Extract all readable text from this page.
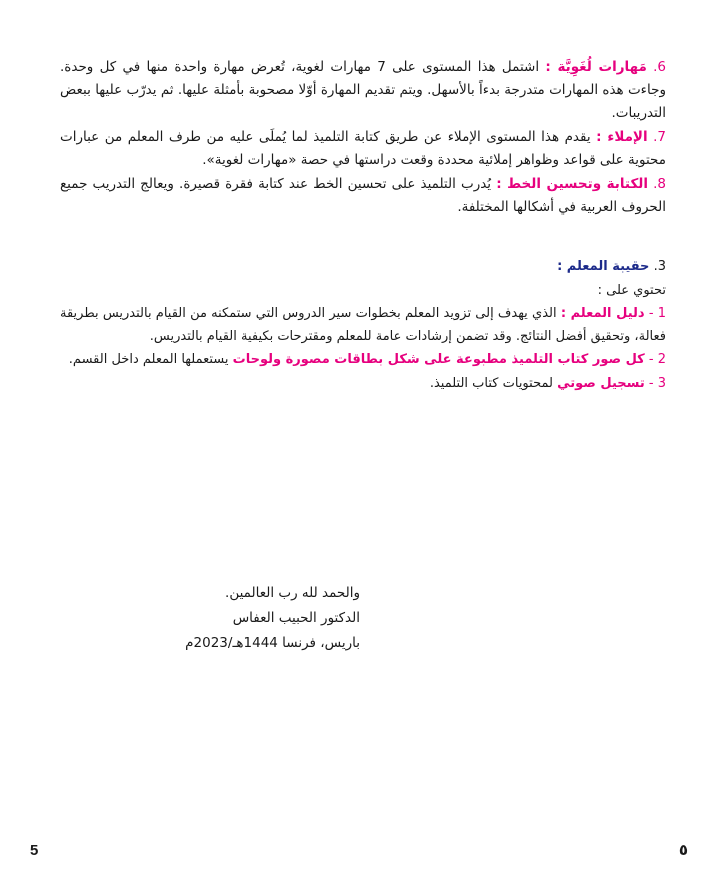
6. مَهارات لُغَوِيَّة : اشتمل هذا المستوى على 7 مهارات لغوية، تُعرض مهارة واحدة منها في كل وحدة. وجاءت هذه المهارات متدرجة بدءاً بالأسهل. ويتم تقديم المهارة أوّلا مصحوبة بأمثلة عليها. ثم يدرّب عليها ببعض التدريبات.

7. الإملاء : يقدم هذا المستوى الإملاء عن طريق كتابة التلميذ لما يُملَى عليه من طرف المعلم من عبارات محتوية على قواعد وظواهر إملائية محددة وقعت دراستها في حصة «مهارات لغوية».

8. الكتابة وتحسين الخط : يُدرب التلميذ على تحسين الخط عند كتابة فقرة قصيرة. ويعالج التدريب جميع الحروف العربية في أشكالها المختلفة.

3. حقيبة المعلم :

تحتوي على :

1 - دليل المعلم : الذي يهدف إلى تزويد المعلم بخطوات سير الدروس التي ستمكنه من القيام بالتدريس بطريقة فعالة، وتحقيق أفضل النتائج. وقد تضمن إرشادات عامة للمعلم ومقترحات بكيفية القيام بالتدريس.

2 - كل صور كتاب التلميذ مطبوعة على شكل بطاقات مصورة ولوحات يستعملها المعلم داخل القسم.

3 - تسجيل صوتي لمحتويات كتاب التلميذ.

والحمد لله رب العالمين.
الدكتور الحبيب العفاس
باريس، فرنسا 1444هـ/2023م
5	٥
